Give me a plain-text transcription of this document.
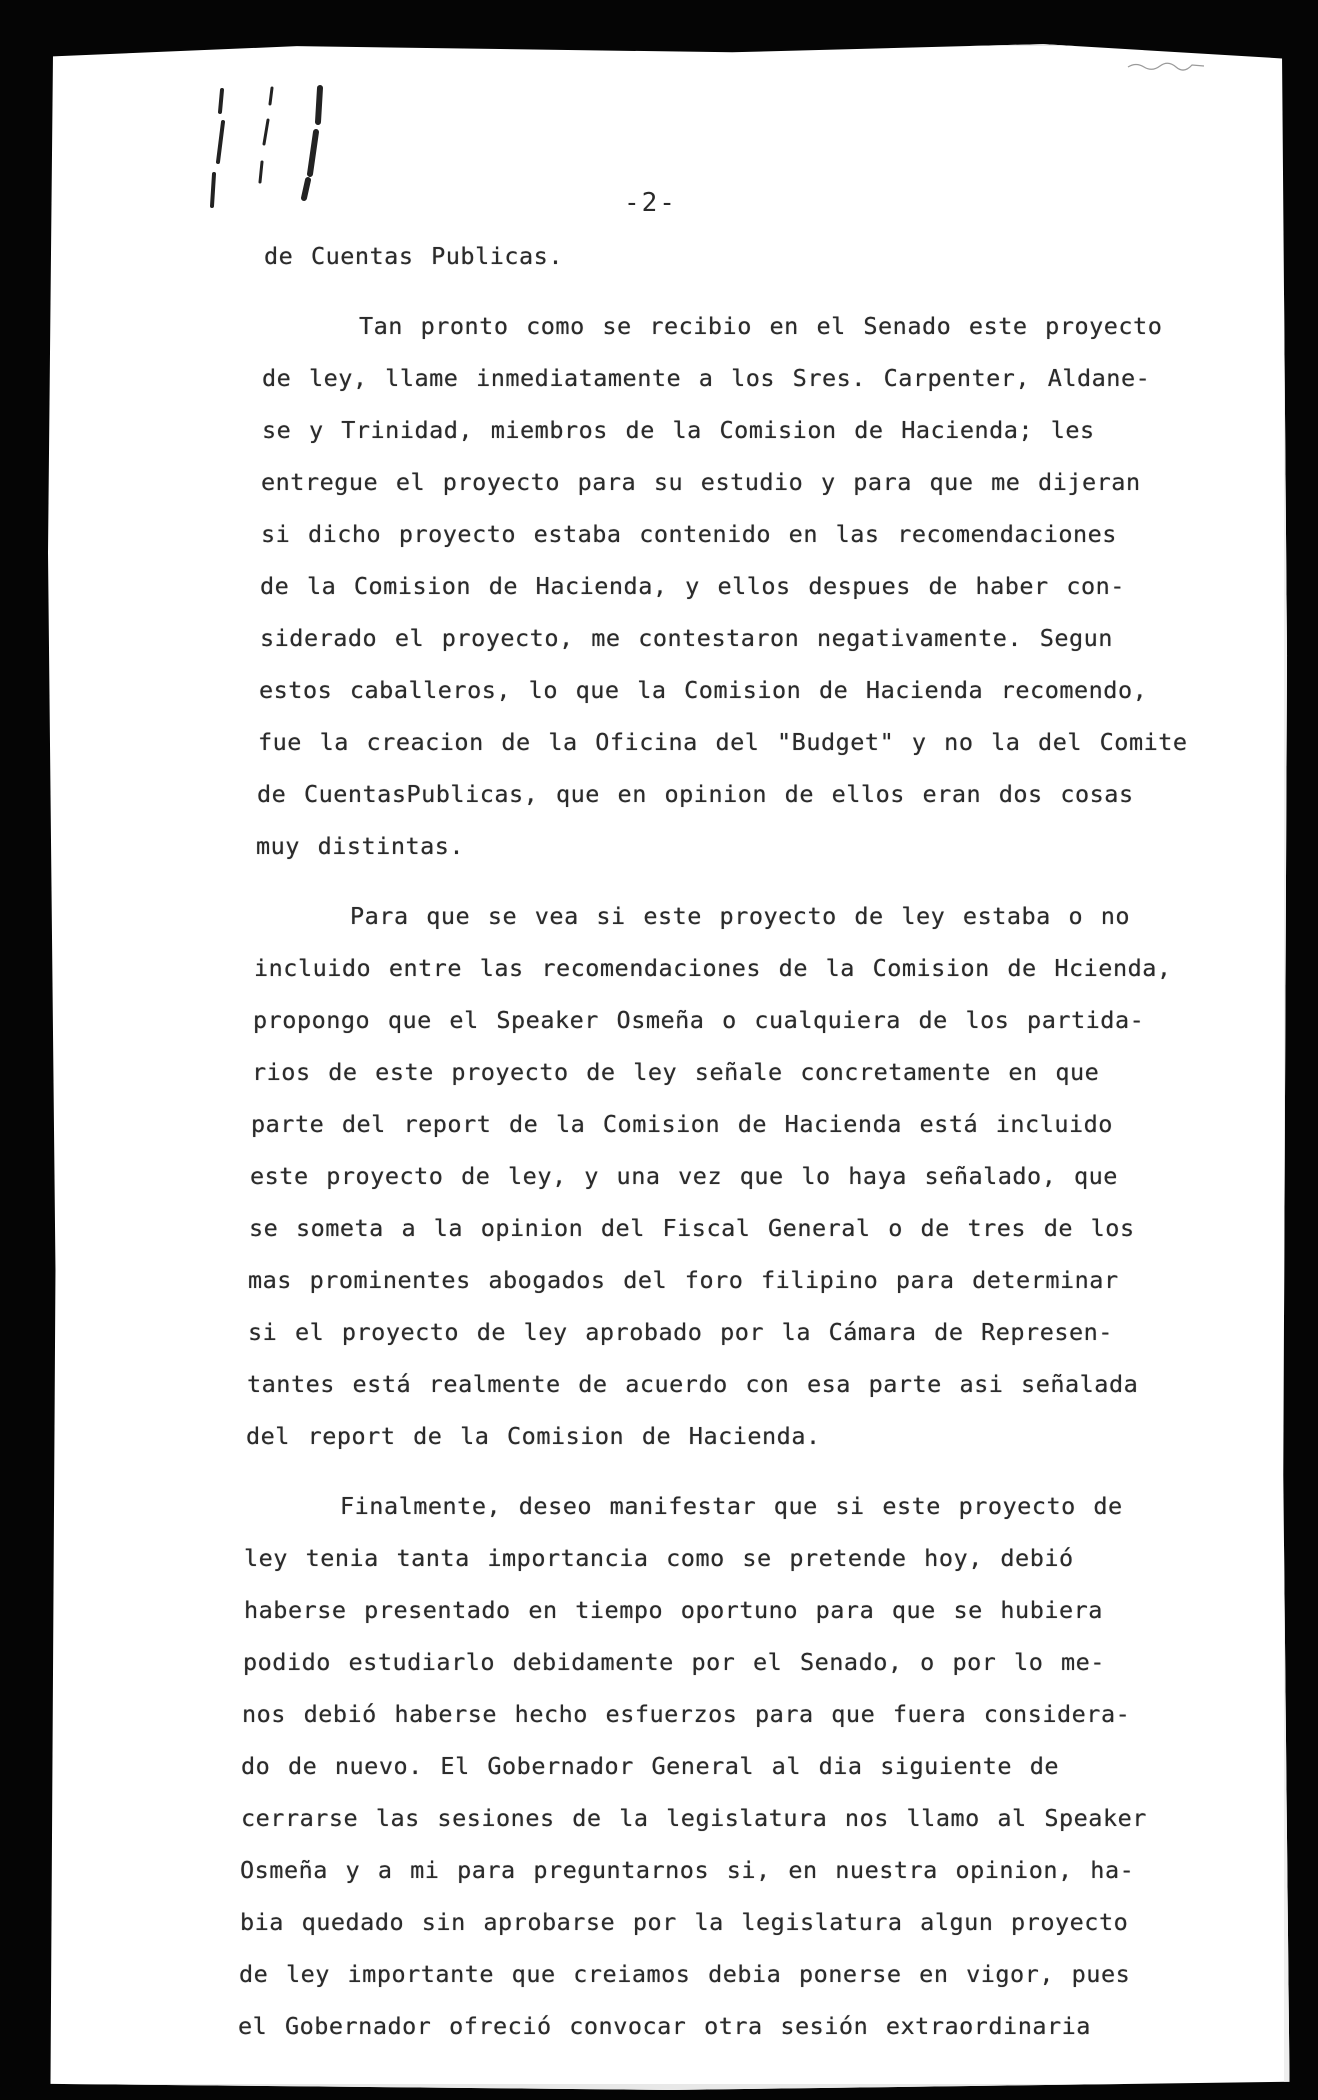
-2-
de Cuentas Publicas.
Tan pronto como se recibio en el Senado este proyecto
de ley, llame inmediatamente a los Sres. Carpenter, Aldane-
se y Trinidad, miembros de la Comision de Hacienda; les
entregue el proyecto para su estudio y para que me dijeran
si dicho proyecto estaba contenido en las recomendaciones
de la Comision de Hacienda, y ellos despues de haber con-
siderado el proyecto, me contestaron negativamente. Segun
estos caballeros, lo que la Comision de Hacienda recomendo,
fue la creacion de la Oficina del "Budget" y no la del Comite
de CuentasPublicas, que en opinion de ellos eran dos cosas
muy distintas.
Para que se vea si este proyecto de ley estaba o no
incluido entre las recomendaciones de la Comision de Hcienda,
propongo que el Speaker Osmeña o cualquiera de los partida-
rios de este proyecto de ley señale concretamente en que
parte del report de la Comision de Hacienda está incluido
este proyecto de ley, y una vez que lo haya señalado, que
se someta a la opinion del Fiscal General o de tres de los
mas prominentes abogados del foro filipino para determinar
si el proyecto de ley aprobado por la Cámara de Represen-
tantes está realmente de acuerdo con esa parte asi señalada
del report de la Comision de Hacienda.
Finalmente, deseo manifestar que si este proyecto de
ley tenia tanta importancia como se pretende hoy, debió
haberse presentado en tiempo oportuno para que se hubiera
podido estudiarlo debidamente por el Senado, o por lo me-
nos debió haberse hecho esfuerzos para que fuera considera-
do de nuevo. El Gobernador General al dia siguiente de
cerrarse las sesiones de la legislatura nos llamo al Speaker
Osmeña y a mi para preguntarnos si, en nuestra opinion, ha-
bia quedado sin aprobarse por la legislatura algun proyecto
de ley importante que creiamos debia ponerse en vigor, pues
el Gobernador ofreció convocar otra sesión extraordinaria
